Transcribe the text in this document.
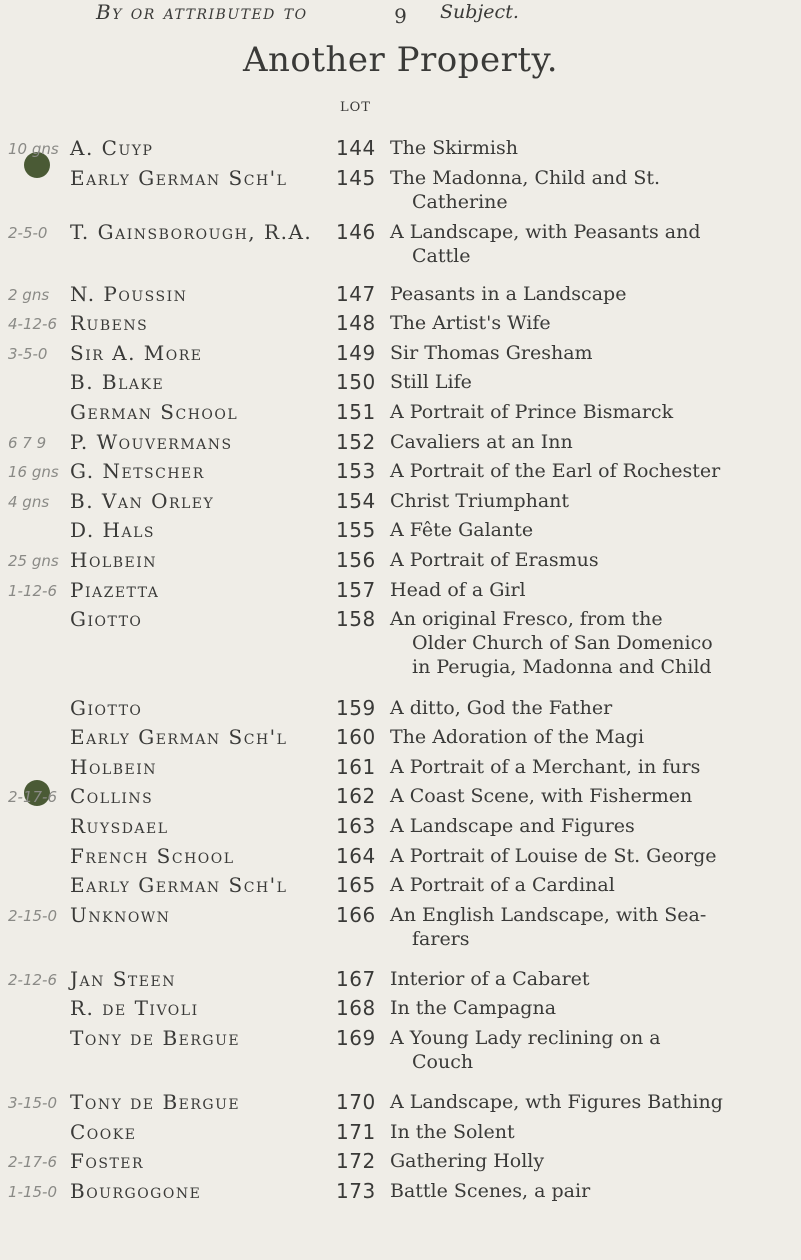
9
Another Property.
By or attributed to
LOT
Subject.
10 gns A. Cuyp	144 The Skirmish
Early German Sch'l 145 The Madonna, Child and St.
Catherine
2-5-0 T. Gainsborough, R.A. 146 A Landscape, with Peasants and
Cattle
2 gns N. Poussin	147 Peasants in a Landscape
4-12-6 Rubens	148 The Artist's Wife
3-5-0 Sir A. More	149 Sir Thomas Gresham
B. Blake	150 Still Life
German School	151 A Portrait of Prince Bismarck
6 7 9 P. Wouvermans	152 Cavaliers at an Inn
16 gns G. Netscher	153 A Portrait of the Earl of Rochester
4 gns B. Van Orley	154 Christ Triumphant
D. Hals	155 A Fête Galante
25 gns Holbein	156 A Portrait of Erasmus
1-12-6 Piazetta	157 Head of a Girl
Giotto	158 An original Fresco, from the
Older Church of San Domenico
in Perugia, Madonna and Child
Giotto	159 A ditto, God the Father
Early German Sch'l 160 The Adoration of the Magi
Holbein	161 A Portrait of a Merchant, in furs
2-17-6 Collins	162 A Coast Scene, with Fishermen
Ruysdael	163 A Landscape and Figures
French School	164 A Portrait of Louise de St. George
Early German Sch'l 165 A Portrait of a Cardinal
2-15-0 Unknown	166 An English Landscape, with Sea-
farers
2-12-6 Jan Steen	167 Interior of a Cabaret
R. de Tivoli	168 In the Campagna
Tony de Bergue	169 A Young Lady reclining on a
Couch
3-15-0 Tony de Bergue	170 A Landscape, wth Figures Bathing
Cooke	171 In the Solent
2-17-6 Foster	172 Gathering Holly
1-15-0 Bourgogone	173 Battle Scenes, a pair
